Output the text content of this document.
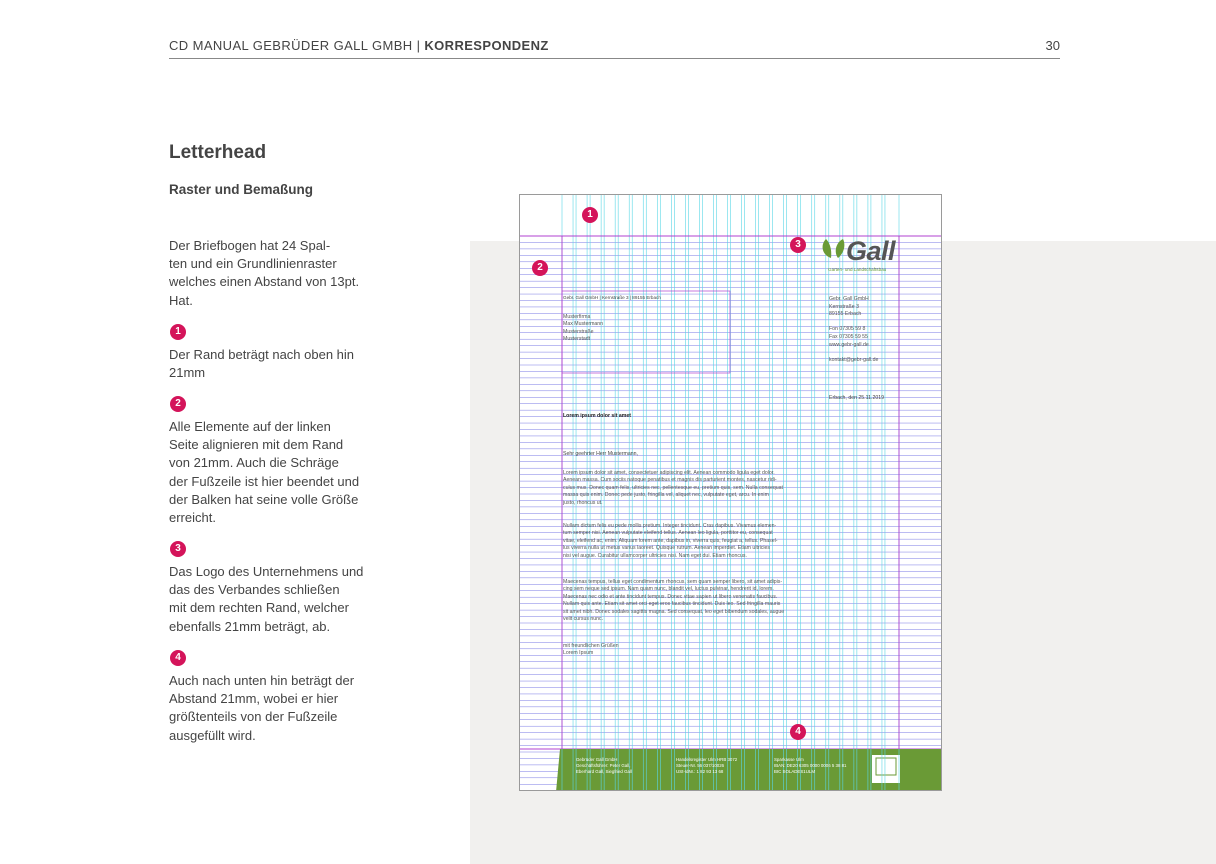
CD MANUAL GEBRÜDER GALL GMBH | KORRESPONDENZ	30
Letterhead
Raster und Bemaßung
Der Briefbogen hat 24 Spal-
ten und ein Grundlinienraster
welches einen Abstand von 13pt.
Hat.
1
Der Rand beträgt nach oben hin
21mm
2
Alle Elemente auf der linken
Seite alignieren mit dem Rand
von 21mm. Auch die Schräge
der Fußzeile ist hier beendet und
der Balken hat seine volle Größe
erreicht.
3
Das Logo des Unternehmens und
das des Verbandes schließen
mit dem rechten Rand, welcher
ebenfalls 21mm beträgt, ab.
4
Auch nach unten hin beträgt der
Abstand 21mm, wobei er hier
größtenteils von der Fußzeile
ausgefüllt wird.
Gall
Garten- und Landschaftsbau
1
2
3
4
Gebr. Gall GmbH | Kernstraße 3 | 89155 Erbach
Musterfirma
Max Mustermann
Musterstraße
Musterstadt
Gebr. Gall GmbH
Kernstraße 3
89155 Erbach

Fon 07305 59 8
Fax 07305 59 55
www.gebr-gall.de

kontakt@gebr-gall.de
Erbach, den 25.11.2019
Lorem ipsum dolor sit amet
Sehr geehrter Herr Mustermann,
Lorem ipsum dolor sit amet, consectetuer adipiscing elit. Aenean commodo ligula eget dolor.
Aenean massa. Cum sociis natoque penatibus et magnis dis parturient montes, nascetur ridi-
culus mus. Donec quam felis, ultricies nec, pellentesque eu, pretium quis, sem. Nulla consequat
massa quis enim. Donec pede justo, fringilla vel, aliquet nec, vulputate eget, arcu. In enim
justo, rhoncus ut.
Nullam dictum felis eu pede mollis pretium. Integer tincidunt. Cras dapibus. Vivamus elemen-
tum semper nisi. Aenean vulputate eleifend tellus. Aenean leo ligula, porttitor eu, consequat
vitae, eleifend ac, enim. Aliquam lorem ante, dapibus in, viverra quis, feugiat a, tellus. Phasel-
lus viverra nulla ut metus varius laoreet. Quisque rutrum. Aenean imperdiet. Etiam ultricies
nisi vel augue. Curabitur ullamcorper ultricies nisi. Nam eget dui. Etiam rhoncus.
Maecenas tempus, tellus eget condimentum rhoncus, sem quam semper libero, sit amet adipis-
cing sem neque sed ipsum. Nam quam nunc, blandit vel, luctus pulvinar, hendrerit id, lorem.
Maecenas nec odio et ante tincidunt tempus. Donec vitae sapien ut libero venenatis faucibus.
Nullam quis ante. Etiam sit amet orci eget eros faucibus tincidunt. Duis leo. Sed fringilla mauris
sit amet nibh. Donec sodales sagittis magna. Sed consequat, leo eget bibendum sodales, augue
velit cursus nunc.
mit freundlichen Grüßen
Lorem Ipsum
Gebrüder Gall GmbH
Geschäftsführer: Peter Gall,
Eberhard Gall, Siegfried Gall
Handelsregister Ulm HRB 3072
Steuer-Nr. 56 037/10026
USt-IdNr.: 1 82 93 13 68
Sparkasse Ulm
IBAN: DE20 6305 0000 0006 5 38 81
BIC SOLADES1ULM
